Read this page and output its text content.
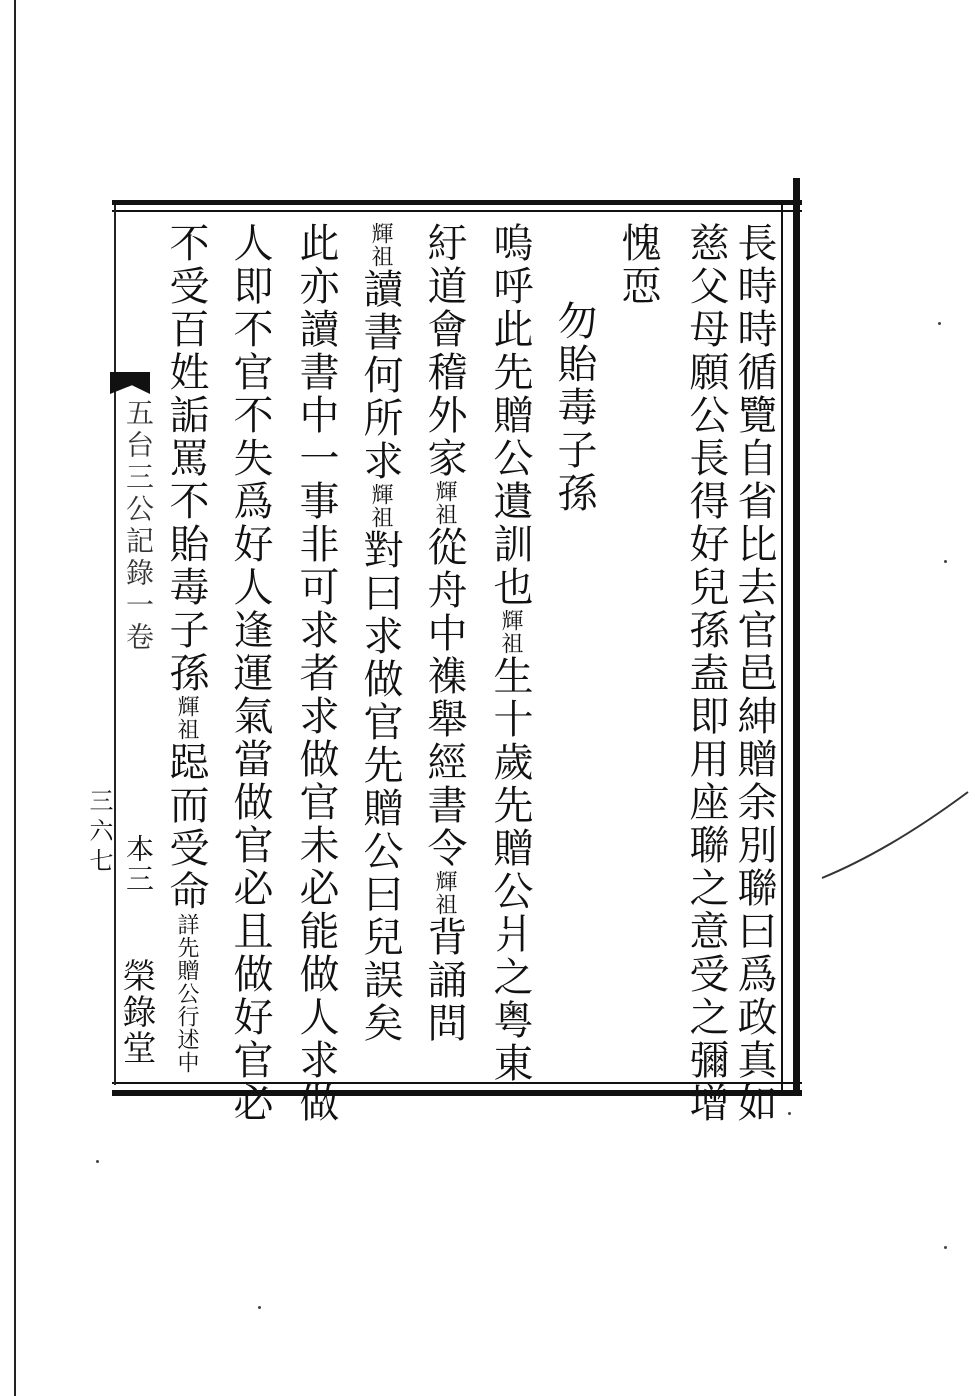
長時時循覽自省比去官邑紳贈余別聯曰爲政真如
慈父母願公長得好兒孫盍即用座聯之意受之彌增
愧恧
勿貽毒子孫
嗚呼此先贈公遺訓也輝祖生十歲先贈公爿之粤東
紆道會稽外家輝祖從舟中襍舉經書令輝祖背誦問
輝祖讀書何所求輝祖對曰求做官先贈公曰兒誤矣
此亦讀書中一事非可求者求做官未必能做人求做
人即不官不失爲好人逢運氣當做官必且做好官必
不受百姓詬罵不貽毒子孫輝祖跽而受命詳先贈公行述中
五台三公記錄一卷
三六七 本三
榮錄堂
